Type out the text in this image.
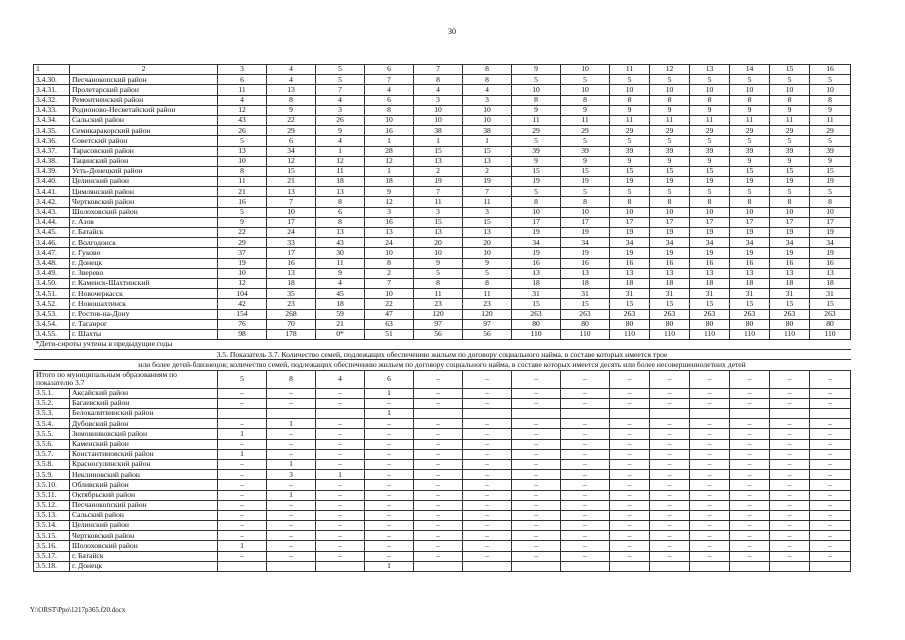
30
1	2	3	4	5	6	7	8	9	10	11	12	13	14	15	16
3.4.30.	Песчанокопский район	6	4	5	7	8	8	5	5	5	5	5	5	5	5
3.4.31.	Пролетарский район	11	13	7	4	4	4	10	10	10	10	10	10	10	10
3.4.32.	Ремонтненский район	4	8	4	6	3	3	8	8	8	8	8	8	8	8
3.4.33.	Родионово-Несветайский район	12	9	3	8	10	10	9	9	9	9	9	9	9	9
3.4.34.	Сальский район	43	22	26	10	10	10	11	11	11	11	11	11	11	11
3.4.35.	Семикаракорский район	26	29	9	16	38	38	29	29	29	29	29	29	29	29
3.4.36.	Советский район	5	6	4	1	1	1	5	5	5	5	5	5	5	5
3.4.37.	Тарасовский район	13	34	1	28	15	15	39	39	39	39	39	39	39	39
3.4.38.	Тацинский район	10	12	12	12	13	13	9	9	9	9	9	9	9	9
3.4.39.	Усть-Донецкий район	8	15	11	1	2	2	15	15	15	15	15	15	15	15
3.4.40.	Целинский район	11	21	18	18	19	19	19	19	19	19	19	19	19	19
3.4.41.	Цимлянский район	21	13	13	9	7	7	5	5	5	5	5	5	5	5
3.4.42.	Чертковский район	16	7	8	12	11	11	8	8	8	8	8	8	8	8
3.4.43.	Шолоховский район	5	10	6	3	3	3	10	10	10	10	10	10	10	10
3.4.44.	г. Азов	9	17	8	16	15	15	17	17	17	17	17	17	17	17
3.4.45.	г. Батайск	22	24	13	13	13	13	19	19	19	19	19	19	19	19
3.4.46.	г. Волгодонск	29	33	43	24	20	20	34	34	34	34	34	34	34	34
3.4.47.	г. Гуково	37	17	30	10	10	10	19	19	19	19	19	19	19	19
3.4.48.	г. Донецк	19	16	11	8	9	9	16	16	16	16	16	16	16	16
3.4.49.	г. Зверево	10	13	9	2	5	5	13	13	13	13	13	13	13	13
3.4.50.	г. Каменск-Шахтинский	12	18	4	7	8	8	18	18	18	18	18	18	18	18
3.4.51.	г. Новочеркасск	104	35	45	10	11	11	31	31	31	31	31	31	31	31
3.4.52.	г. Новошахтинск	42	23	18	22	23	23	15	15	15	15	15	15	15	15
3.4.53.	г. Ростов-на-Дону	154	268	59	47	120	120	263	263	263	263	263	263	263	263
3.4.54.	г. Таганрог	76	70	21	63	97	97	80	80	80	80	80	80	80	80
3.4.55.	г. Шахты	98	178	0*	51	56	56	110	110	110	110	110	110	110	110
*Дети-сироты учтены в предыдущие годы															
3.5. Показатель 3.7. Количество семей, подлежащих обеспечению жильем по договору социального найма, в составе которых имеется трое															
или более детей-близнецов; количество семей, подлежащих обеспечению жильем по договору социального найма, в составе которых имеется десять или более несовершеннолетних детей															
Итого по муниципальным образованиям по показателю 3.7		5	8	4	6	–	–	–	–	–	–	–	–	–	–
3.5.1.	Аксайский район	–	–	–	1	–	–	–	–	–	–	–	–	–	–
3.5.2.	Багаевский район	–	–	–	–	–	–	–	–	–	–	–	–	–	–
3.5.3.	Белокалитвинский район				1										
3.5.4.	Дубовский район	–	1	–	–	–	–	–	–	–	–	–	–	–	–
3.5.5.	Зимовниковский район	1	–	–	–	–	–	–	–	–	–	–	–	–	–
3.5.6.	Каменский район	–	–	–	–	–	–	–	–	–	–	–	–	–	–
3.5.7.	Константиновский район	1	–	–	–	–	–	–	–	–	–	–	–	–	–
3.5.8.	Красносулинский район	–	1	–	–	–	–	–	–	–	–	–	–	–	–
3.5.9.	Неклиновский район	–	3	1	–	–	–	–	–	–	–	–	–	–	–
3.5.10.	Обливский район	–	–	–	–	–	–	–	–	–	–	–	–	–	–
3.5.11.	Октябрьский район	–	1	–	–	–	–	–	–	–	–	–	–	–	–
3.5.12.	Песчанокопский район	–	–	–	–	–	–	–	–	–	–	–	–	–	–
3.5.13.	Сальский район	–	–	–	–	–	–	–	–	–	–	–	–	–	–
3.5.14.	Целинский район	–	–	–	–	–	–	–	–	–	–	–	–	–	–
3.5.15.	Чертковский район	–	–	–	–	–	–	–	–	–	–	–	–	–	–
3.5.16.	Шолоховский район	1	–	–	–	–	–	–	–	–	–	–	–	–	–
3.5.17.	г. Батайск	–	–	–	–	–	–	–	–	–	–	–	–	–	–
3.5.18.	г. Донецк				1										
Y:\ORST\Ppo\1217p365.f20.docx
